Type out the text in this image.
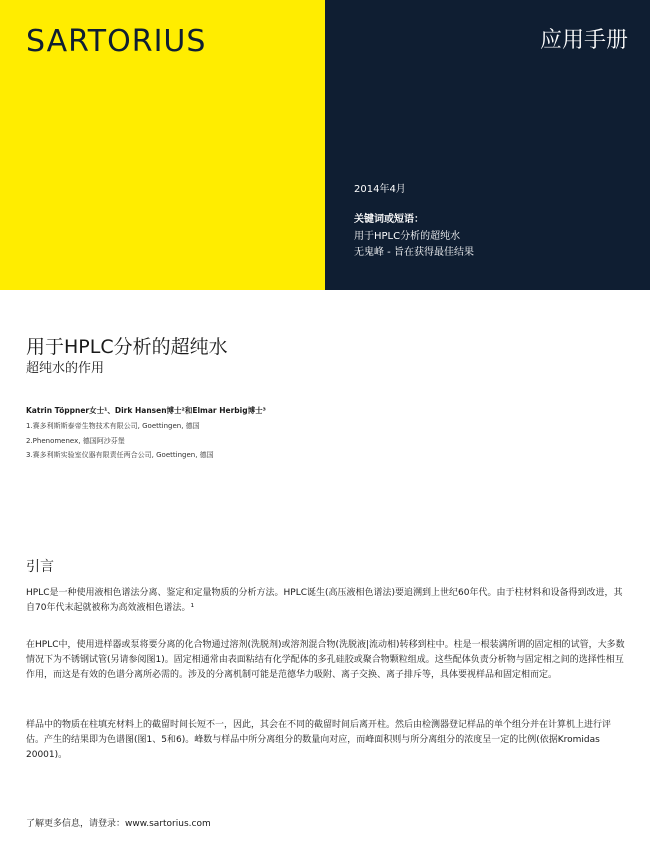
SARTORIUS	应用手册
2014年4月
关键词或短语：
用于HPLC分析的超纯水
无鬼峰 - 旨在获得最佳结果
用于HPLC分析的超纯水
超纯水的作用
Katrin Töppner女士¹、Dirk Hansen博士²和Elmar Herbig博士³
1.赛多利斯斯泰帝生物技术有限公司, Goettingen, 德国
2.Phenomenex, 德国阿沙芬堡
3.赛多利斯实验室仪器有限责任两合公司, Goettingen, 德国
引言

HPLC是一种使用液相色谱法分离、鉴定和定量物质的分析方法。HPLC诞生(高压液相色谱法)要追溯到上世纪60年代。由于柱材料和设备得到改进，其自70年代末起就被称为高效液相色谱法。¹

在HPLC中，使用进样器或泵将要分离的化合物通过溶剂(洗脱剂)或溶剂混合物(洗脱液|流动相)转移到柱中。柱是一根装满所谓的固定相的试管，大多数情况下为不锈钢试管(另请参阅图1)。固定相通常由表面粘结有化学配体的多孔硅胶或聚合物颗粒组成。这些配体负责分析物与固定相之间的选择性相互作用，而这是有效的色谱分离所必需的。涉及的分离机制可能是范德华力吸附、离子交换、离子排斥等，具体要视样品和固定相而定。

样品中的物质在柱填充材料上的截留时间长短不一，因此，其会在不同的截留时间后离开柱。然后由检测器登记样品的单个组分并在计算机上进行评估。产生的结果即为色谱图(图1、5和6)。峰数与样品中所分离组分的数量向对应，而峰面积则与所分离组分的浓度呈一定的比例(依据Kromidas 20001)。

了解更多信息，请登录：www.sartorius.com
